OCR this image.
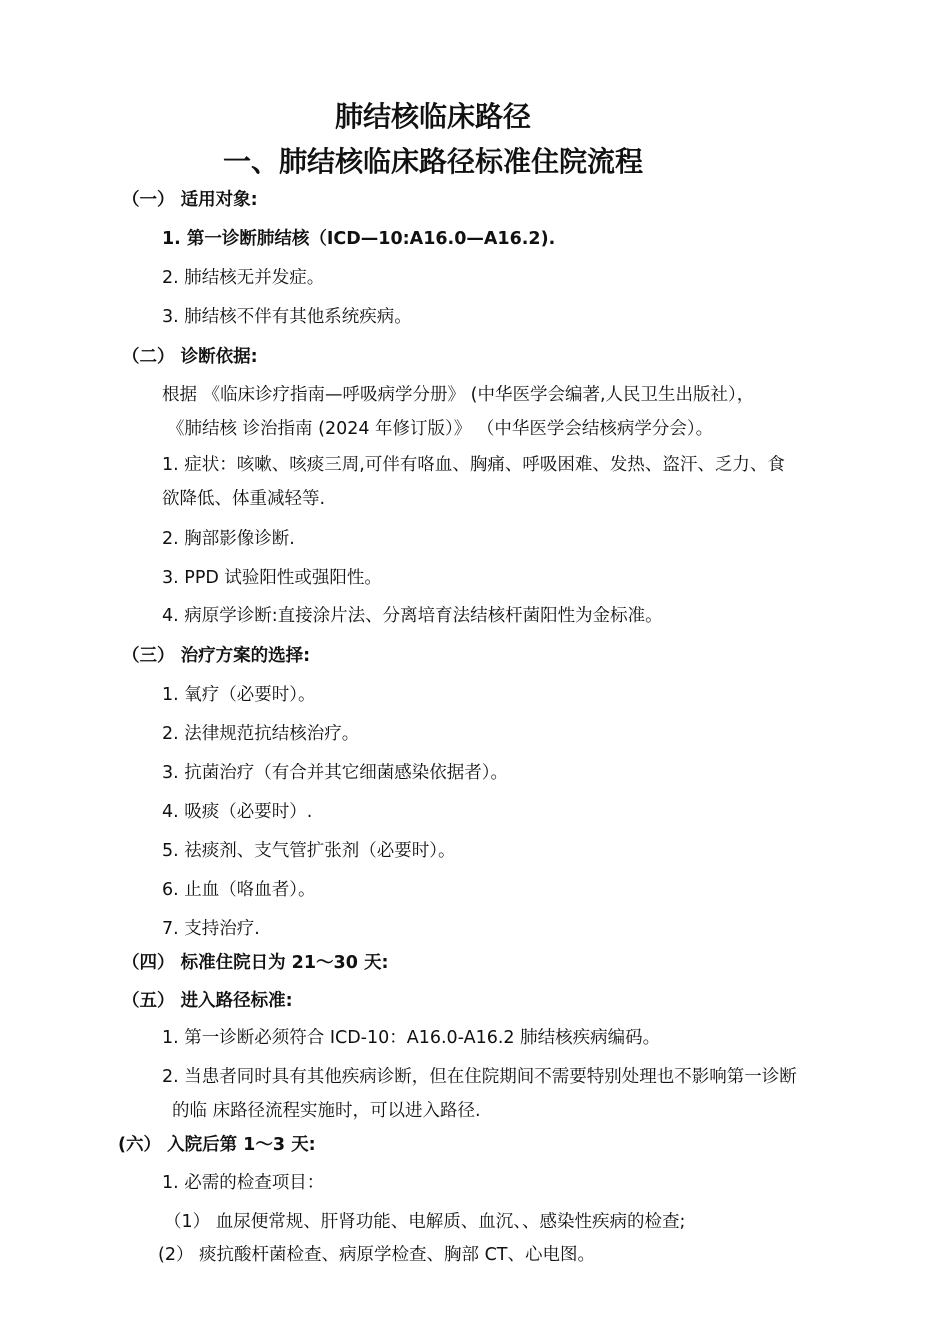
肺结核临床路径
一、肺结核临床路径标准住院流程
（一） 适用对象:
1. 第一诊断肺结核（ICD—10:A16.0—A16.2).
2. 肺结核无并发症。
3. 肺结核不伴有其他系统疾病。
（二） 诊断依据:
根据 《临床诊疗指南—呼吸病学分册》 (中华医学会编著,人民卫生出版社），
《肺结核 诊治指南 (2024 年修订版）》 （中华医学会结核病学分会）。
1. 症状：咳嗽、咳痰三周,可伴有咯血、胸痛、呼吸困难、发热、盗汗、乏力、食
欲降低、体重减轻等.
2. 胸部影像诊断.
3. PPD 试验阳性或强阳性。
4. 病原学诊断:直接涂片法、分离培育法结核杆菌阳性为金标准。
（三） 治疗方案的选择:
1. 氧疗（必要时）。
2. 法律规范抗结核治疗。
3. 抗菌治疗（有合并其它细菌感染依据者）。
4. 吸痰（必要时）.
5. 祛痰剂、支气管扩张剂（必要时）。
6. 止血（咯血者）。
7. 支持治疗.
（四） 标准住院日为 21～30 天:
（五） 进入路径标准:
1. 第一诊断必须符合 ICD-10：A16.0-A16.2 肺结核疾病编码。
2. 当患者同时具有其他疾病诊断，但在住院期间不需要特别处理也不影响第一诊断
的临 床路径流程实施时，可以进入路径.
(六） 入院后第 1～3 天:
1. 必需的检查项目：
（1） 血尿便常规、肝肾功能、电解质、血沉、、感染性疾病的检查;
(2） 痰抗酸杆菌检查、病原学检查、胸部 CT、心电图。
